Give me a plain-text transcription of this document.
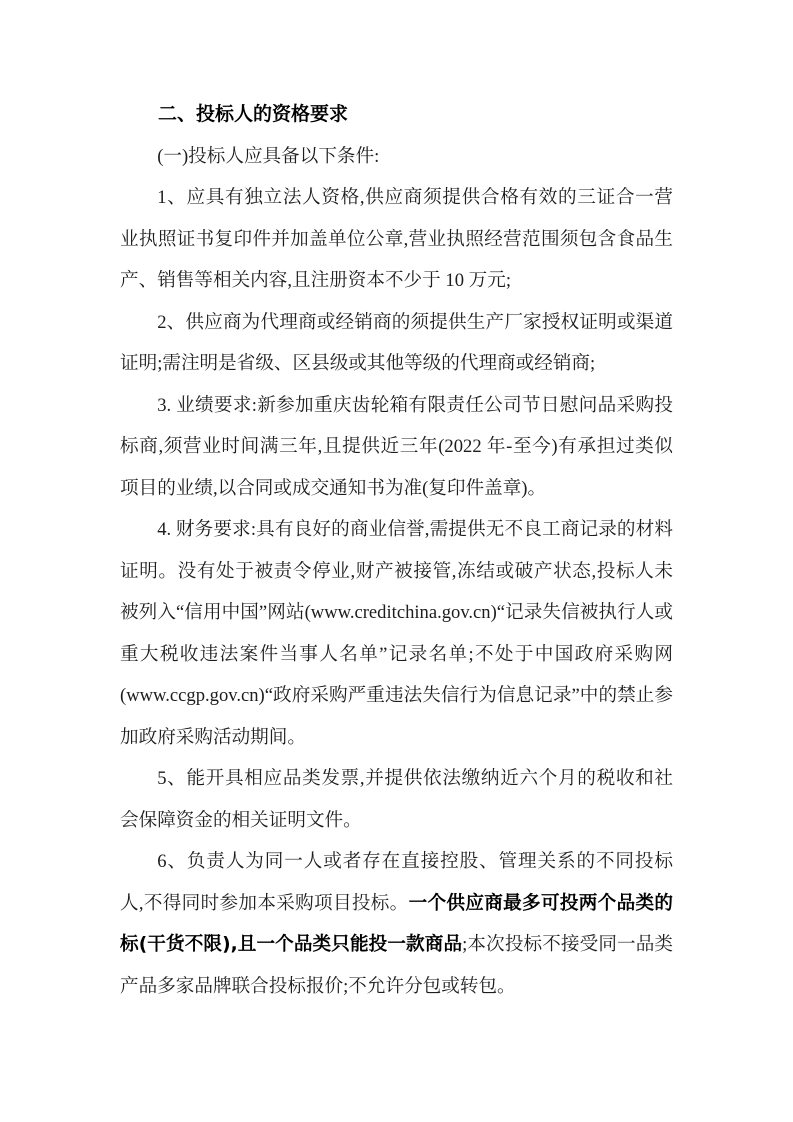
二、投标人的资格要求

(一)投标人应具备以下条件:

1、应具有独立法人资格,供应商须提供合格有效的三证合一营业执照证书复印件并加盖单位公章,营业执照经营范围须包含食品生产、销售等相关内容,且注册资本不少于 10 万元;

2、供应商为代理商或经销商的须提供生产厂家授权证明或渠道证明;需注明是省级、区县级或其他等级的代理商或经销商;

3. 业绩要求:新参加重庆齿轮箱有限责任公司节日慰问品采购投标商,须营业时间满三年,且提供近三年(2022 年-至今)有承担过类似项目的业绩,以合同或成交通知书为准(复印件盖章)。

4. 财务要求:具有良好的商业信誉,需提供无不良工商记录的材料证明。没有处于被责令停业,财产被接管,冻结或破产状态,投标人未被列入“信用中国”网站(www.creditchina.gov.cn)“记录失信被执行人或重大税收违法案件当事人名单”记录名单;不处于中国政府采购网(www.ccgp.gov.cn)“政府采购严重违法失信行为信息记录”中的禁止参加政府采购活动期间。

5、能开具相应品类发票,并提供依法缴纳近六个月的税收和社会保障资金的相关证明文件。

6、负责人为同一人或者存在直接控股、管理关系的不同投标人,不得同时参加本采购项目投标。一个供应商最多可投两个品类的标(干货不限),且一个品类只能投一款商品;本次投标不接受同一品类产品多家品牌联合投标报价;不允许分包或转包。
